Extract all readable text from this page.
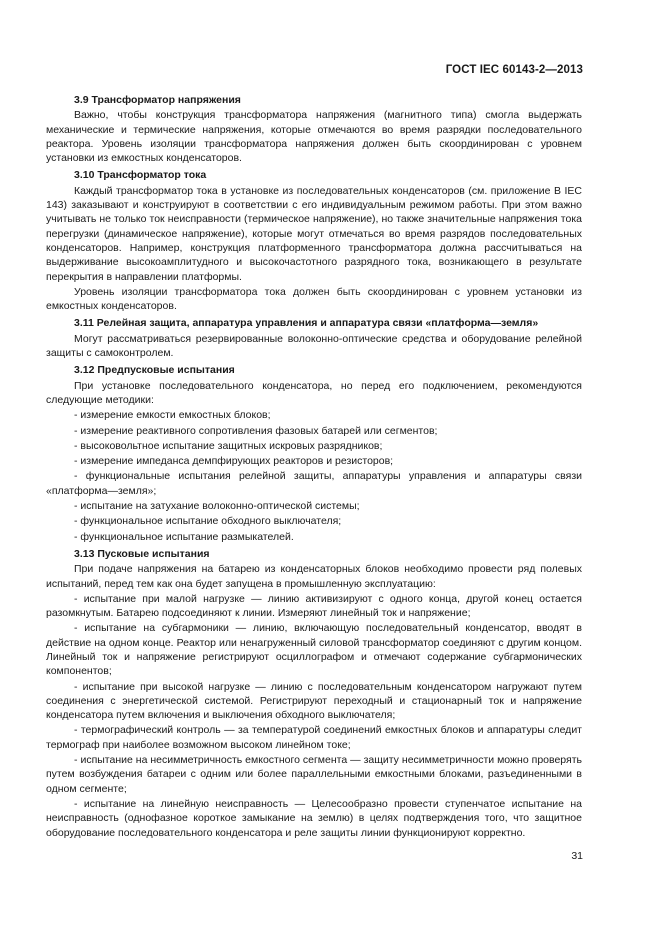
ГОСТ IEC 60143-2—2013
3.9 Трансформатор напряжения
Важно, чтобы конструкция трансформатора напряжения (магнитного типа) смогла выдержать механические и термические напряжения, которые отмечаются во время разрядки последовательного реактора. Уровень изоляции трансформатора напряжения должен быть скоординирован с уровнем установки из емкостных конденсаторов.
3.10 Трансформатор тока
Каждый трансформатор тока в установке из последовательных конденсаторов (см. приложение В IEC 143) заказывают и конструируют в соответствии с его индивидуальным режимом работы. При этом важно учитывать не только ток неисправности (термическое напряжение), но также значительные напряжения тока перегрузки (динамическое напряжение), которые могут отмечаться во время разрядов последовательных конденсаторов. Например, конструкция платформенного трансформатора должна рассчитываться на выдерживание высокоамплитудного и высокочастотного разрядного тока, возникающего в результате перекрытия в направлении платформы.
Уровень изоляции трансформатора тока должен быть скоординирован с уровнем установки из емкостных конденсаторов.
3.11 Релейная защита, аппаратура управления и аппаратура связи «платформа—земля»
Могут рассматриваться резервированные волоконно-оптические средства и оборудование релейной защиты с самоконтролем.
3.12 Предпусковые испытания
При установке последовательного конденсатора, но перед его подключением, рекомендуются следующие методики:
- измерение емкости емкостных блоков;
- измерение реактивного сопротивления фазовых батарей или сегментов;
- высоковольтное испытание защитных искровых разрядников;
- измерение импеданса демпфирующих реакторов и резисторов;
- функциональные испытания релейной защиты, аппаратуры управления и аппаратуры связи «платформа—земля»;
- испытание на затухание волоконно-оптической системы;
- функциональное испытание обходного выключателя;
- функциональное испытание размыкателей.
3.13 Пусковые испытания
При подаче напряжения на батарею из конденсаторных блоков необходимо провести ряд полевых испытаний, перед тем как она будет запущена в промышленную эксплуатацию:
- испытание при малой нагрузке — линию активизируют с одного конца, другой конец остается разомкнутым. Батарею подсоединяют к линии. Измеряют линейный ток и напряжение;
- испытание на субгармоники — линию, включающую последовательный конденсатор, вводят в действие на одном конце. Реактор или ненагруженный силовой трансформатор соединяют с другим концом. Линейный ток и напряжение регистрируют осциллографом и отмечают содержание субгармонических компонентов;
- испытание при высокой нагрузке — линию с последовательным конденсатором нагружают путем соединения с энергетической системой. Регистрируют переходный и стационарный ток и напряжение конденсатора путем включения и выключения обходного выключателя;
- термографический контроль — за температурой соединений емкостных блоков и аппаратуры следит термограф при наиболее возможном высоком линейном токе;
- испытание на несимметричность емкостного сегмента — защиту несимметричности можно проверять путем возбуждения батареи с одним или более параллельными емкостными блоками, разъединенными в одном сегменте;
- испытание на линейную неисправность — Целесообразно провести ступенчатое испытание на неисправность (однофазное короткое замыкание на землю) в целях подтверждения того, что защитное оборудование последовательного конденсатора и реле защиты линии функционируют корректно.
31
